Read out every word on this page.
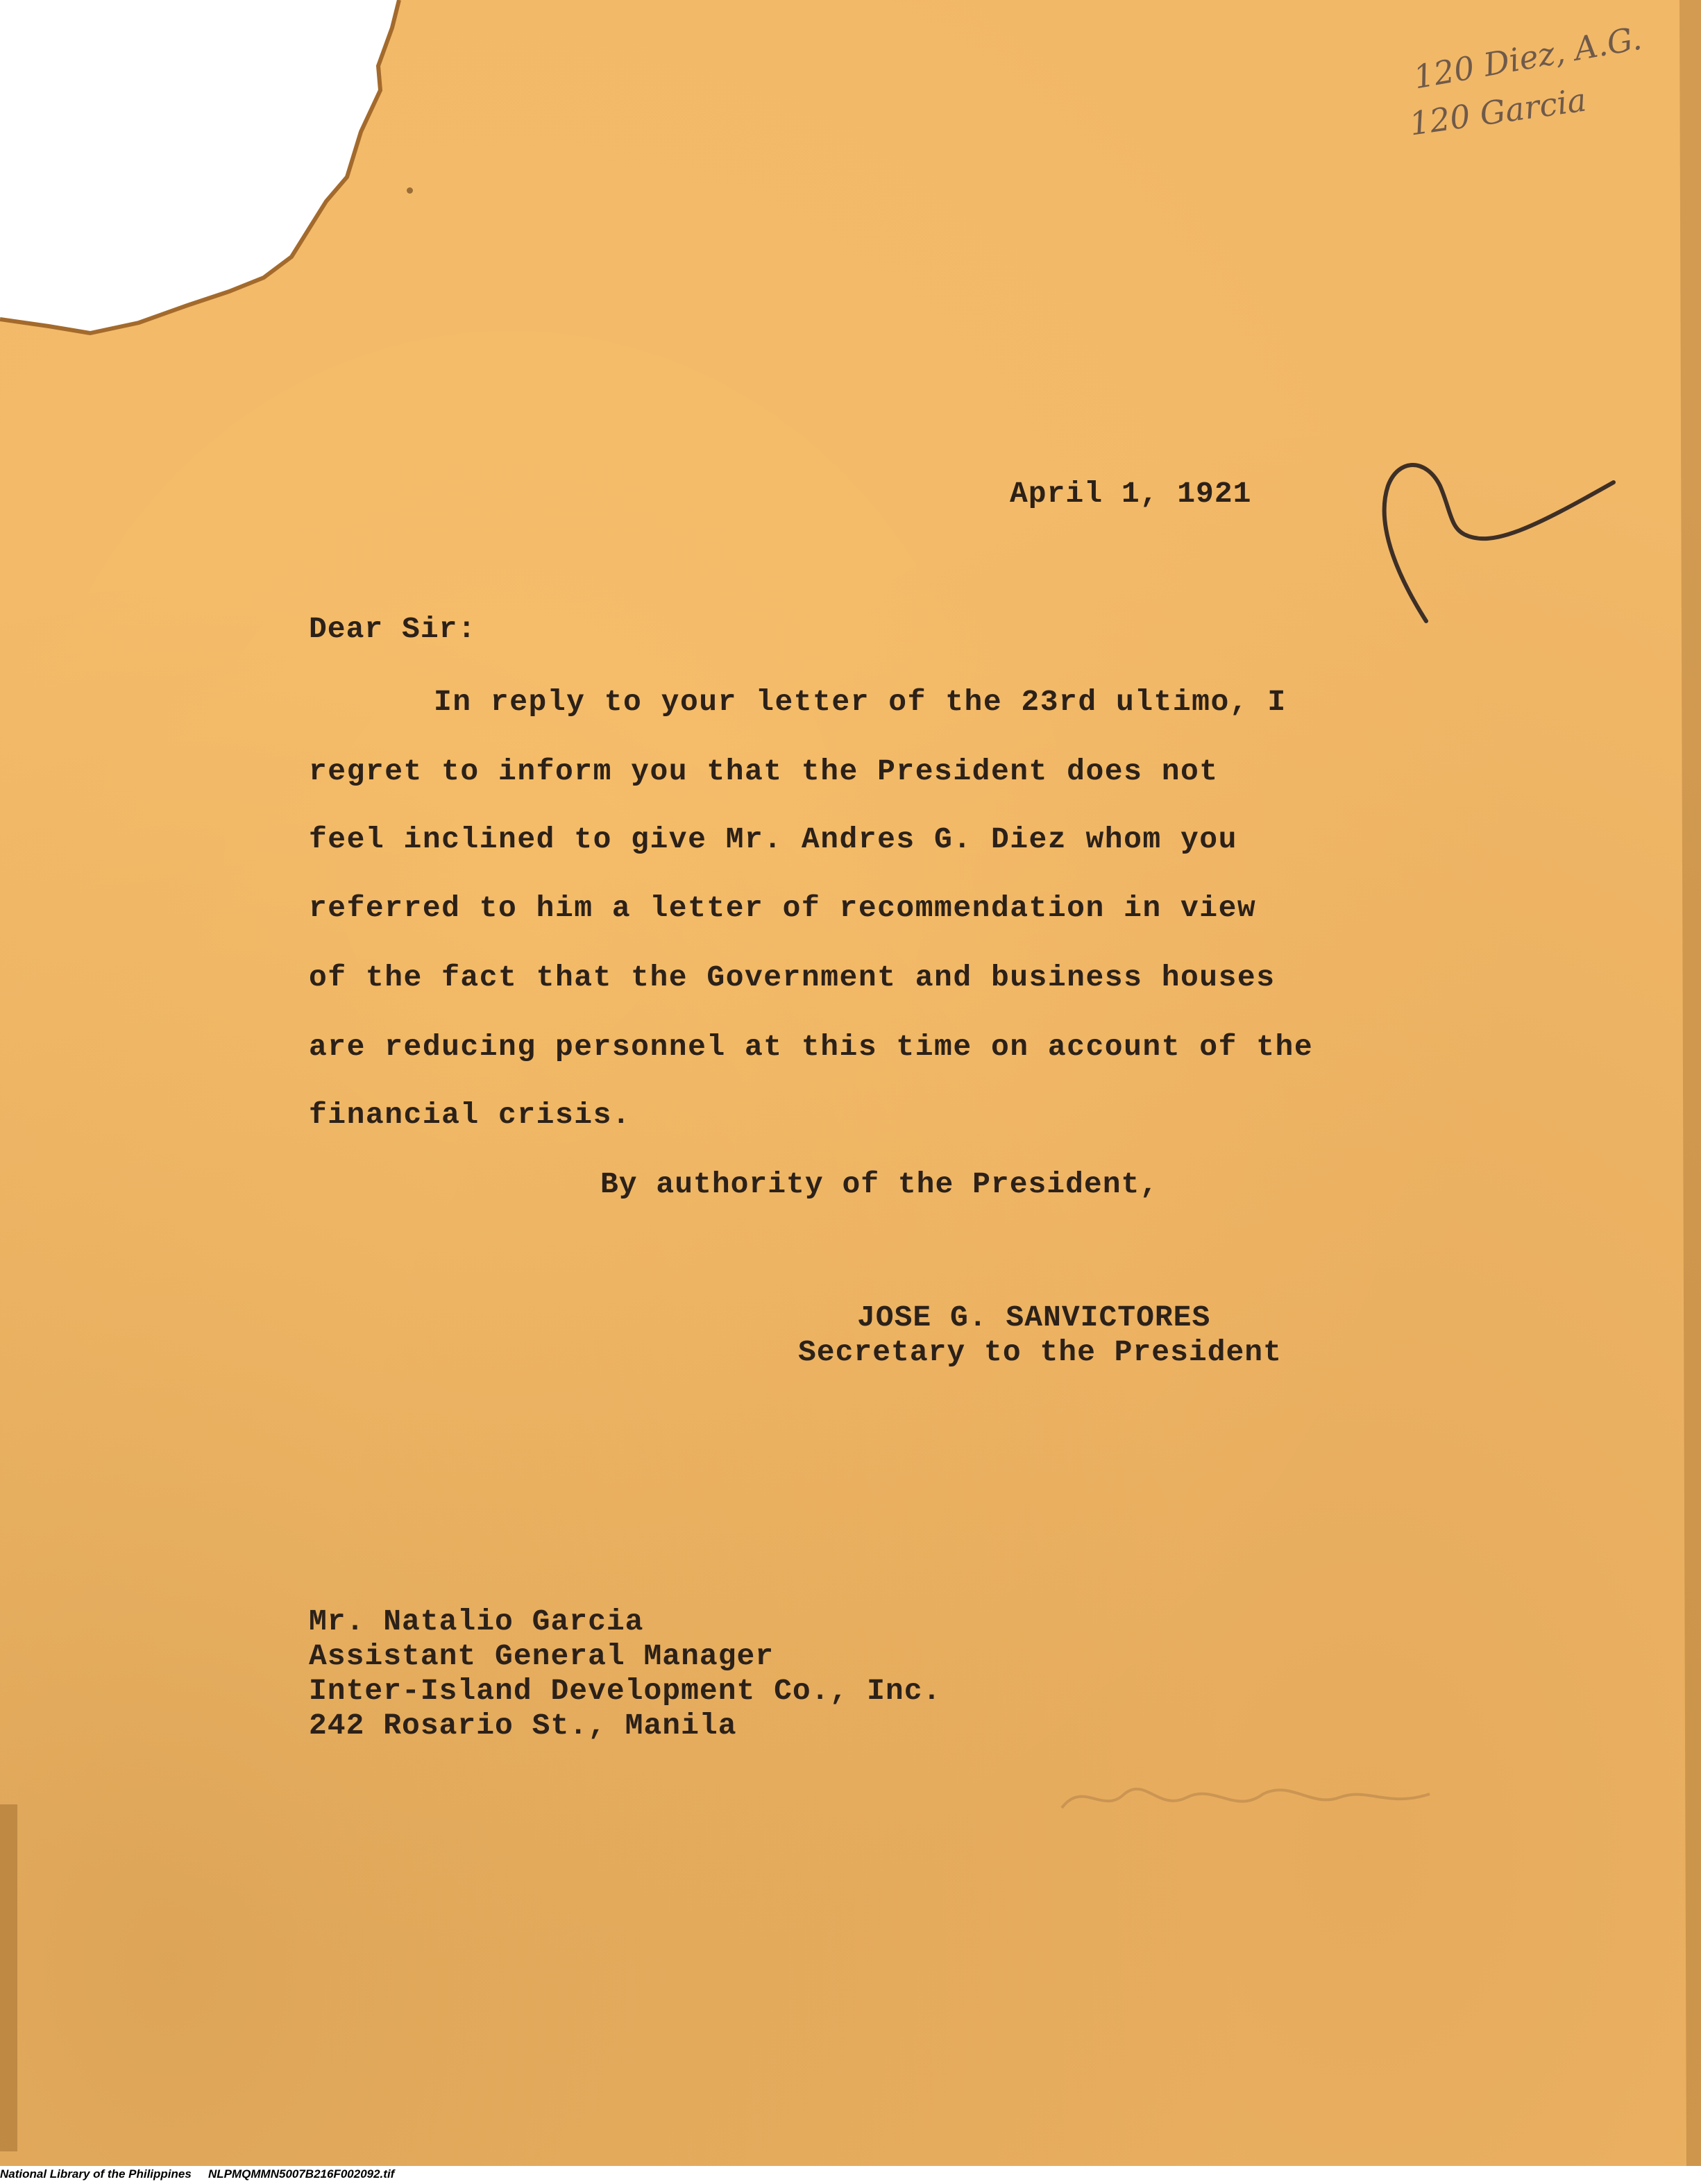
120 Diez, A.G.
120 Garcia
April 1, 1921
Dear Sir:
In reply to your letter of the 23rd ultimo, I
regret to inform you that the President does not
feel inclined to give Mr. Andres G. Diez whom you
referred to him a letter of recommendation in view
of the fact that the Government and business houses
are reducing personnel at this time on account of the
financial crisis.
By authority of the President,
JOSE G. SANVICTORES
Secretary to the President
Mr. Natalio Garcia
Assistant General Manager
Inter-Island Development Co., Inc.
242 Rosario St., Manila
National Library of the Philippines NLPMQMMN5007B216F002092.tif
